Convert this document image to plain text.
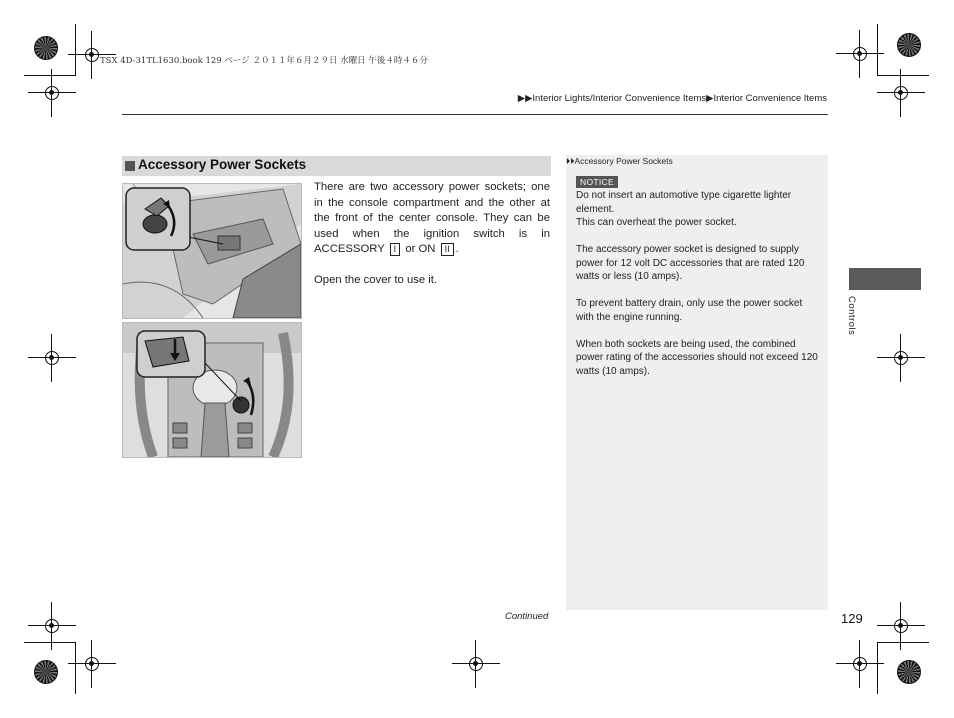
TSX 4D-31TL1630.book 129 ページ ２０１１年６月２９日 水曜日 午後４時４６分
▶▶Interior Lights/Interior Convenience Items▶Interior Convenience Items
Accessory Power Sockets

There are two accessory power sockets; one in the console compartment and the other at the front of the center console. They can be used when the ignition switch is in ACCESSORY I or ON II .

Open the cover to use it.

⏵⏵Accessory Power Sockets
NOTICE

Do not insert an automotive type cigarette lighter element.

This can overheat the power socket.

The accessory power socket is designed to supply power for 12 volt DC accessories that are rated 120 watts or less (10 amps).

To prevent battery drain, only use the power socket with the engine running.

When both sockets are being used, the combined power rating of the accessories should not exceed 120 watts (10 amps).

Controls
Continued	129
